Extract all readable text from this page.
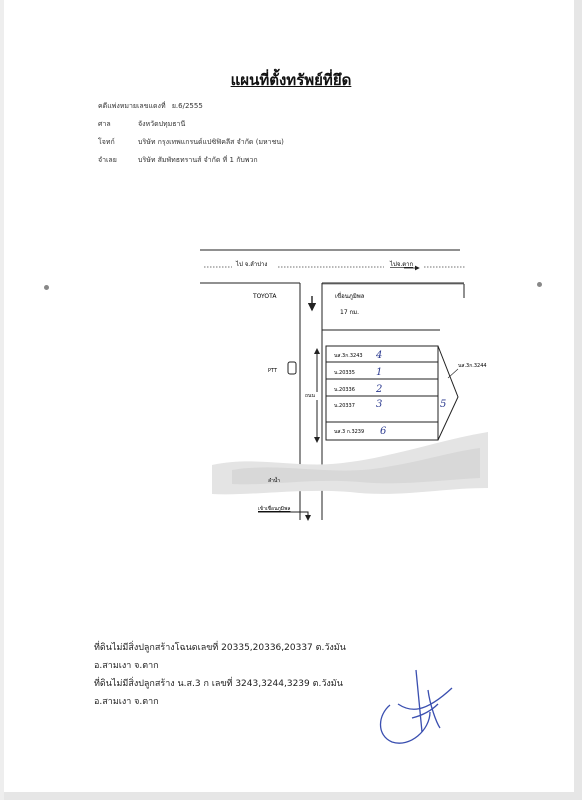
แผนที่ตั้งทรัพย์ที่ยึด
คดีแพ่งหมายเลขแดงที่ ย.6/2555
ศาล	จังหวัดปทุมธานี
โจทก์	บริษัท กรุงเทพแกรนด์แปซิฟิคลีส จำกัด (มหาชน)
จำเลย	บริษัท สัมพัทธทรานส์ จำกัด ที่ 1 กับพวก
ไป จ.ลำปาง	ไปจ.ตาก
TOYOTA	เขื่อนภูมิพล
17 กม.
PTT
ถนน
นส.3ก.3243 4
น.20335 1
น.20336 2
น.20337 3
นส.3 ก.3239 6
5
นส.3ก.3244
ลำน้ำ
เข้าเขื่อนภูมิพล
ที่ดินไม่มีสิ่งปลูกสร้างโฉนดเลขที่ 20335,20336,20337 ต.วังมัน
อ.สามเงา จ.ตาก
ที่ดินไม่มีสิ่งปลูกสร้าง น.ส.3 ก เลขที่ 3243,3244,3239 ต.วังมัน
อ.สามเงา จ.ตาก
